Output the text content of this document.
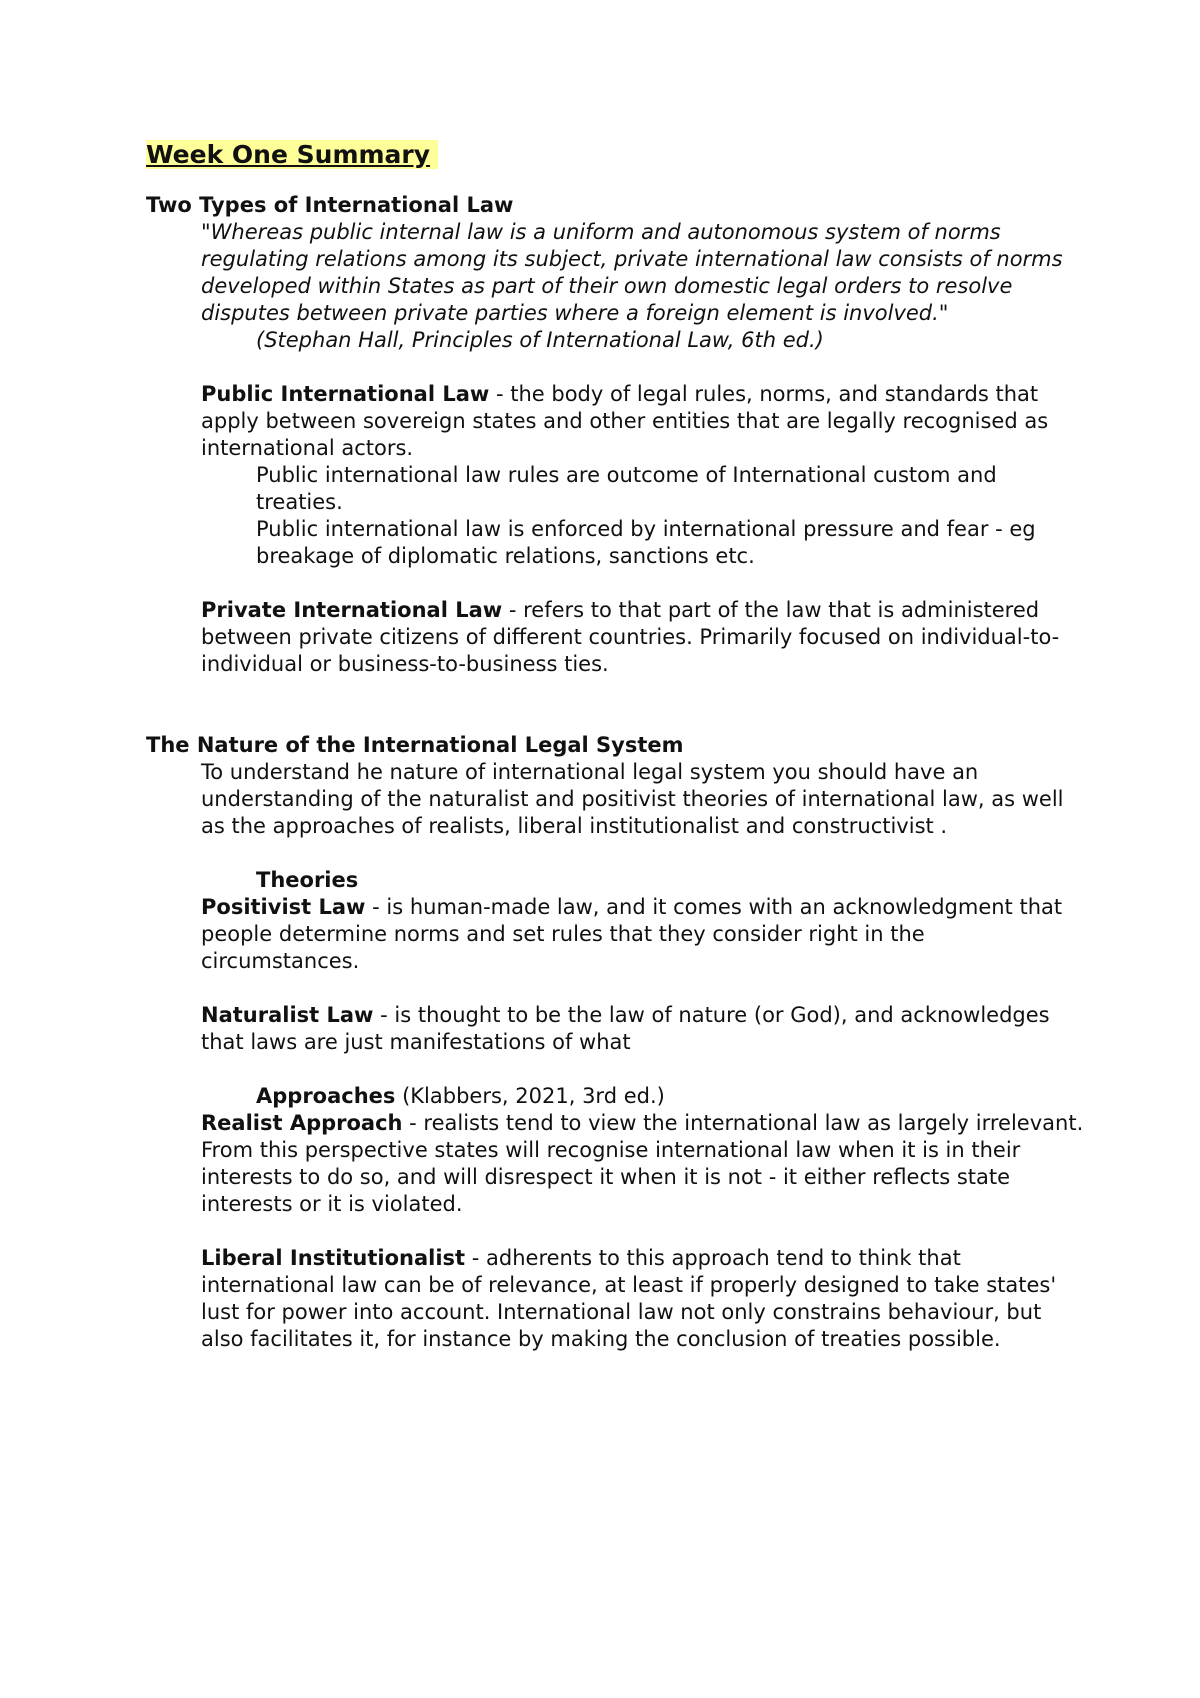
Week One Summary
Two Types of International Law

"Whereas public internal law is a uniform and autonomous system of norms regulating relations among its subject, private international law consists of norms developed within States as part of their own domestic legal orders to resolve disputes between private parties where a foreign element is involved."

(Stephan Hall, Principles of International Law, 6th ed.)

Public International Law - the body of legal rules, norms, and standards that apply between sovereign states and other entities that are legally recognised as international actors.

Public international law rules are outcome of International custom and treaties.

Public international law is enforced by international pressure and fear - eg breakage of diplomatic relations, sanctions etc.

Private International Law - refers to that part of the law that is administered between private citizens of different countries. Primarily focused on individual-to-individual or business-to-business ties.

The Nature of the International Legal System

To understand he nature of international legal system you should have an understanding of the naturalist and positivist theories of international law, as well as the approaches of realists, liberal institutionalist and constructivist .

Theories

Positivist Law - is human-made law, and it comes with an acknowledgment that people determine norms and set rules that they consider right in the circumstances.

Naturalist Law - is thought to be the law of nature (or God), and acknowledges that laws are just manifestations of what

Approaches (Klabbers, 2021, 3rd ed.)

Realist Approach - realists tend to view the international law as largely irrelevant. From this perspective states will recognise international law when it is in their interests to do so, and will disrespect it when it is not - it either reflects state interests or it is violated.

Liberal Institutionalist - adherents to this approach tend to think that international law can be of relevance, at least if properly designed to take states' lust for power into account. International law not only constrains behaviour, but also facilitates it, for instance by making the conclusion of treaties possible.
